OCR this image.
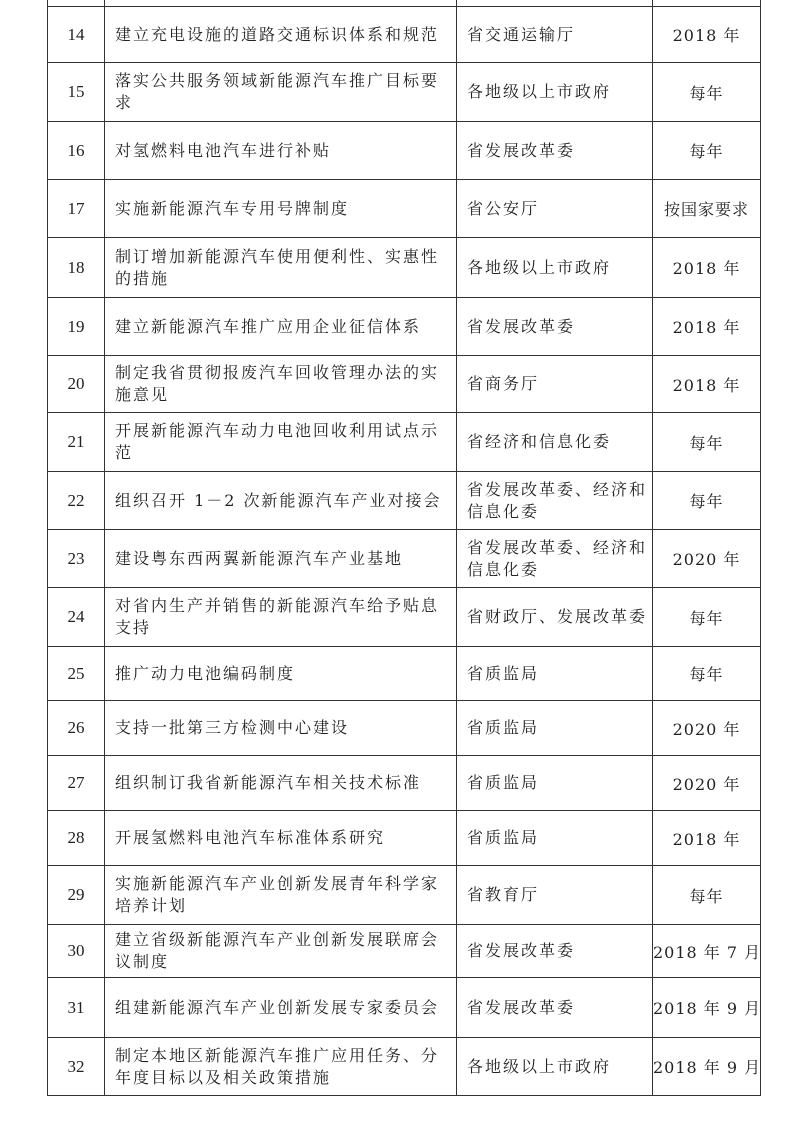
14	建立充电设施的道路交通标识体系和规范	省交通运输厅	2018 年
15	落实公共服务领域新能源汽车推广目标要求	各地级以上市政府	每年
16	对氢燃料电池汽车进行补贴	省发展改革委	每年
17	实施新能源汽车专用号牌制度	省公安厅	按国家要求
18	制订增加新能源汽车使用便利性、实惠性的措施	各地级以上市政府	2018 年
19	建立新能源汽车推广应用企业征信体系	省发展改革委	2018 年
20	制定我省贯彻报废汽车回收管理办法的实施意见	省商务厅	2018 年
21	开展新能源汽车动力电池回收利用试点示范	省经济和信息化委	每年
22	组织召开 1－2 次新能源汽车产业对接会	省发展改革委、经济和信息化委	每年
23	建设粤东西两翼新能源汽车产业基地	省发展改革委、经济和信息化委	2020 年
24	对省内生产并销售的新能源汽车给予贴息支持	省财政厅、发展改革委	每年
25	推广动力电池编码制度	省质监局	每年
26	支持一批第三方检测中心建设	省质监局	2020 年
27	组织制订我省新能源汽车相关技术标准	省质监局	2020 年
28	开展氢燃料电池汽车标准体系研究	省质监局	2018 年
29	实施新能源汽车产业创新发展青年科学家培养计划	省教育厅	每年
30	建立省级新能源汽车产业创新发展联席会议制度	省发展改革委	2018 年 7 月
31	组建新能源汽车产业创新发展专家委员会	省发展改革委	2018 年 9 月
32	制定本地区新能源汽车推广应用任务、分年度目标以及相关政策措施	各地级以上市政府	2018 年 9 月
